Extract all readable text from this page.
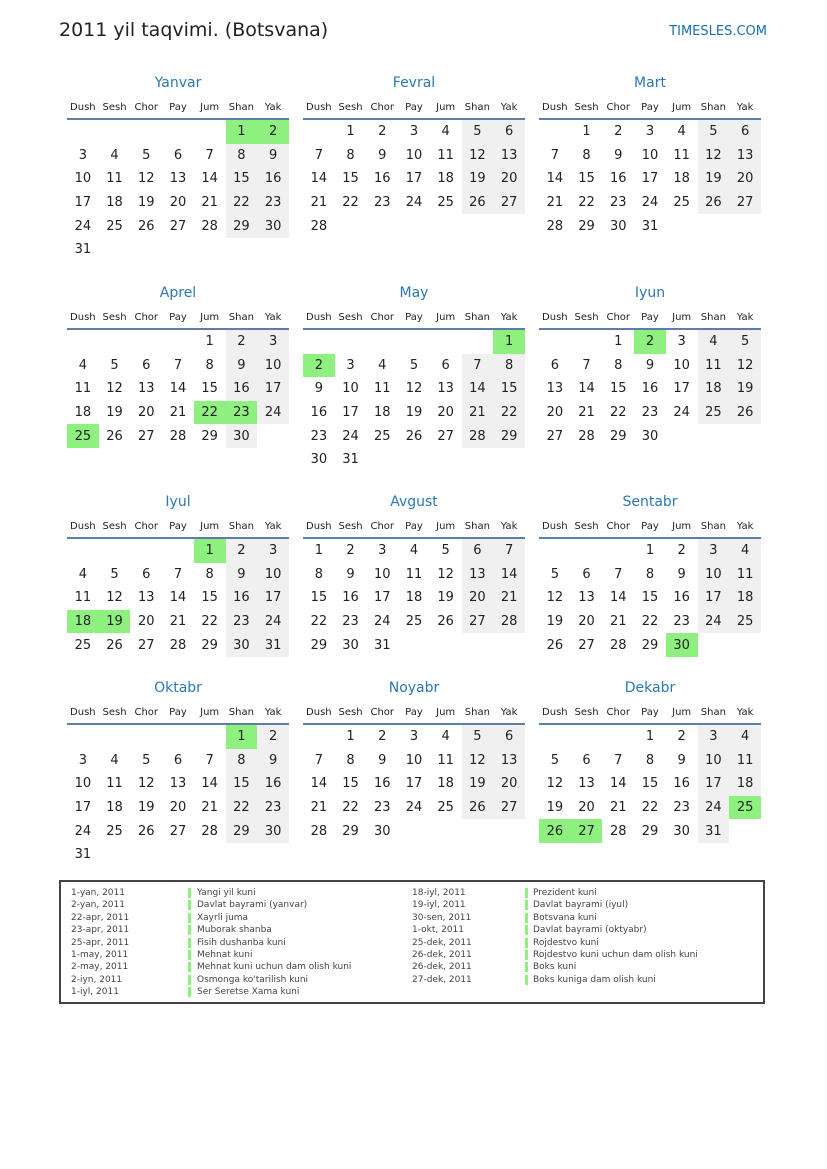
2011 yil taqvimi. (Botsvana)	TIMESLES.COM
Yanvar
Dush	Sesh	Chor	Pay	Jum	Shan	Yak
					1	2
3	4	5	6	7	8	9
10	11	12	13	14	15	16
17	18	19	20	21	22	23
24	25	26	27	28	29	30
31						
Fevral
Dush	Sesh	Chor	Pay	Jum	Shan	Yak
	1	2	3	4	5	6
7	8	9	10	11	12	13
14	15	16	17	18	19	20
21	22	23	24	25	26	27
28						
Mart
Dush	Sesh	Chor	Pay	Jum	Shan	Yak
	1	2	3	4	5	6
7	8	9	10	11	12	13
14	15	16	17	18	19	20
21	22	23	24	25	26	27
28	29	30	31			
Aprel
Dush	Sesh	Chor	Pay	Jum	Shan	Yak
				1	2	3
4	5	6	7	8	9	10
11	12	13	14	15	16	17
18	19	20	21	22	23	24
25	26	27	28	29	30	
May
Dush	Sesh	Chor	Pay	Jum	Shan	Yak
						1
2	3	4	5	6	7	8
9	10	11	12	13	14	15
16	17	18	19	20	21	22
23	24	25	26	27	28	29
30	31					
Iyun
Dush	Sesh	Chor	Pay	Jum	Shan	Yak
		1	2	3	4	5
6	7	8	9	10	11	12
13	14	15	16	17	18	19
20	21	22	23	24	25	26
27	28	29	30			
Iyul
Dush	Sesh	Chor	Pay	Jum	Shan	Yak
				1	2	3
4	5	6	7	8	9	10
11	12	13	14	15	16	17
18	19	20	21	22	23	24
25	26	27	28	29	30	31
Avgust
Dush	Sesh	Chor	Pay	Jum	Shan	Yak
1	2	3	4	5	6	7
8	9	10	11	12	13	14
15	16	17	18	19	20	21
22	23	24	25	26	27	28
29	30	31				
Sentabr
Dush	Sesh	Chor	Pay	Jum	Shan	Yak
			1	2	3	4
5	6	7	8	9	10	11
12	13	14	15	16	17	18
19	20	21	22	23	24	25
26	27	28	29	30		
Oktabr
Dush	Sesh	Chor	Pay	Jum	Shan	Yak
					1	2
3	4	5	6	7	8	9
10	11	12	13	14	15	16
17	18	19	20	21	22	23
24	25	26	27	28	29	30
31						
Noyabr
Dush	Sesh	Chor	Pay	Jum	Shan	Yak
	1	2	3	4	5	6
7	8	9	10	11	12	13
14	15	16	17	18	19	20
21	22	23	24	25	26	27
28	29	30				
Dekabr
Dush	Sesh	Chor	Pay	Jum	Shan	Yak
			1	2	3	4
5	6	7	8	9	10	11
12	13	14	15	16	17	18
19	20	21	22	23	24	25
26	27	28	29	30	31	
1-yan, 2011	Yangi yil kuni
2-yan, 2011	Davlat bayrami (yanvar)
22-apr, 2011	Xayrli juma
23-apr, 2011	Muborak shanba
25-apr, 2011	Fisih dushanba kuni
1-may, 2011	Mehnat kuni
2-may, 2011	Mehnat kuni uchun dam olish kuni
2-iyn, 2011	Osmonga ko'tarilish kuni
1-iyl, 2011	Ser Seretse Xama kuni
18-iyl, 2011	Prezident kuni
19-iyl, 2011	Davlat bayrami (iyul)
30-sen, 2011	Botsvana kuni
1-okt, 2011	Davlat bayrami (oktyabr)
25-dek, 2011	Rojdestvo kuni
26-dek, 2011	Rojdestvo kuni uchun dam olish kuni
26-dek, 2011	Boks kuni
27-dek, 2011	Boks kuniga dam olish kuni
